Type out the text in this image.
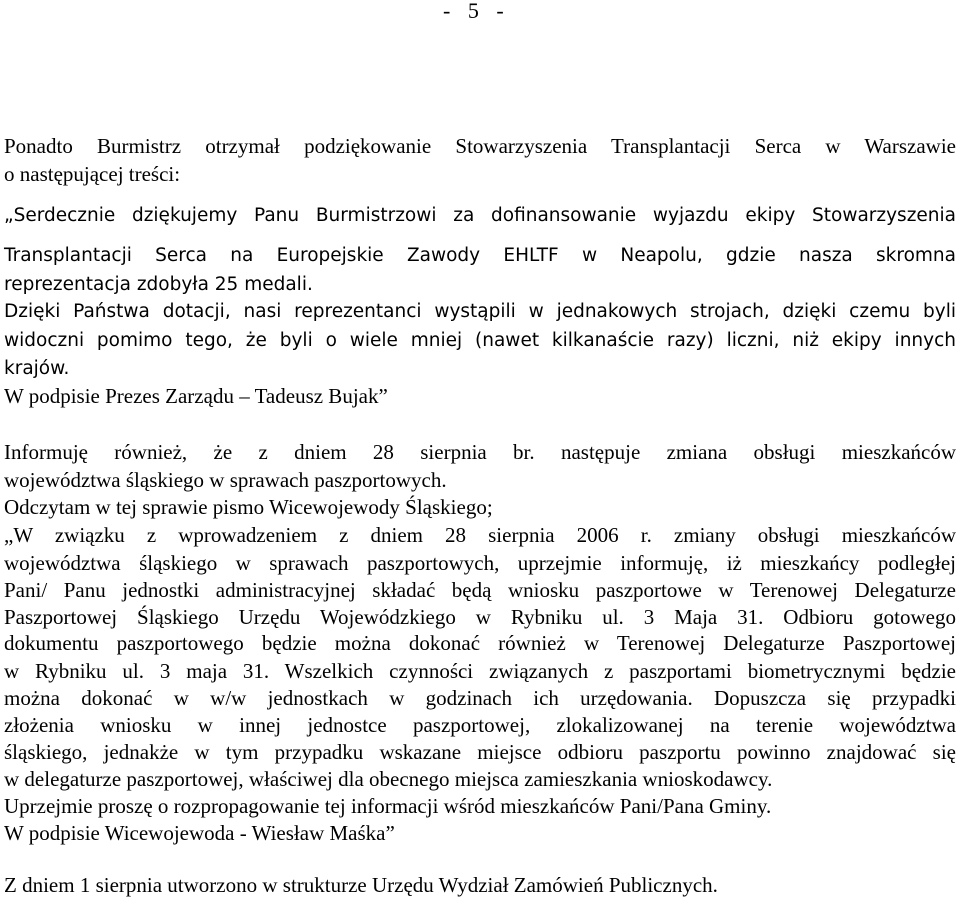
- 5 -
Ponadto Burmistrz otrzymał podziękowanie Stowarzyszenia Transplantacji Serca w Warszawie
o następującej treści:
„Serdecznie dziękujemy Panu Burmistrzowi za dofinansowanie wyjazdu ekipy Stowarzyszenia
Transplantacji Serca na Europejskie Zawody EHLTF w Neapolu, gdzie nasza skromna
reprezentacja zdobyła 25 medali.
Dzięki Państwa dotacji, nasi reprezentanci wystąpili w jednakowych strojach, dzięki czemu byli
widoczni pomimo tego, że byli o wiele mniej (nawet kilkanaście razy) liczni, niż ekipy innych
krajów.
W podpisie Prezes Zarządu – Tadeusz Bujak”
Informuję również, że z dniem 28 sierpnia br. następuje zmiana obsługi mieszkańców
województwa śląskiego w sprawach paszportowych.
Odczytam w tej sprawie pismo Wicewojewody Śląskiego;
„W związku z wprowadzeniem z dniem 28 sierpnia 2006 r. zmiany obsługi mieszkańców
województwa śląskiego w sprawach paszportowych, uprzejmie informuję, iż mieszkańcy podległej
Pani/ Panu jednostki administracyjnej składać będą wniosku paszportowe w Terenowej Delegaturze
Paszportowej Śląskiego Urzędu Wojewódzkiego w Rybniku ul. 3 Maja 31. Odbioru gotowego
dokumentu paszportowego będzie można dokonać również w Terenowej Delegaturze Paszportowej
w Rybniku ul. 3 maja 31. Wszelkich czynności związanych z paszportami biometrycznymi będzie
można dokonać w w/w jednostkach w godzinach ich urzędowania. Dopuszcza się przypadki
złożenia wniosku w innej jednostce paszportowej, zlokalizowanej na terenie województwa
śląskiego, jednakże w tym przypadku wskazane miejsce odbioru paszportu powinno znajdować się
w delegaturze paszportowej, właściwej dla obecnego miejsca zamieszkania wnioskodawcy.
Uprzejmie proszę o rozpropagowanie tej informacji wśród mieszkańców Pani/Pana Gminy.
W podpisie Wicewojewoda - Wiesław Maśka”
Z dniem 1 sierpnia utworzono w strukturze Urzędu Wydział Zamówień Publicznych.
